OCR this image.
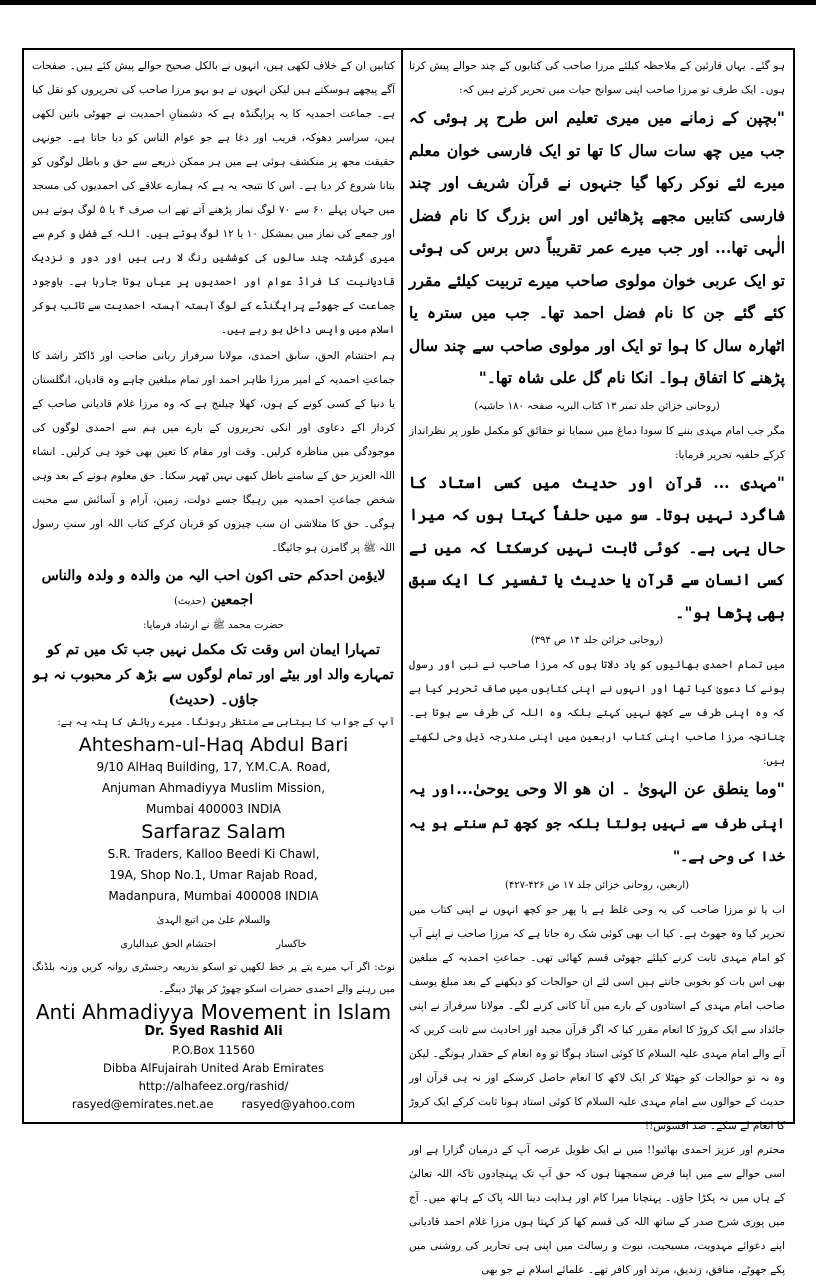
کتابیں ان کے خلاف لکھی ہیں، انہوں نے بالکل صحیح حوالے پیش کئے ہیں۔ صفحات آگے پیچھے ہوسکتے ہیں لیکن انہوں نے ہو بہو مرزا صاحب کی تحریروں کو نقل کیا ہے۔ جماعت احمدیہ کا یہ پراپگنڈہ ہے کہ دشمنانِ احمدیت نے جھوٹی باتیں لکھی ہیں، سراسر دھوکہ، فریب اور دغا ہے جو عوام الناس کو دیا جاتا ہے۔ جونہی حقیقت مجھ پر منکشف ہوئی ہے میں ہر ممکن ذریعے سے حق و باطل لوگوں کو بتانا شروع کر دیا ہے۔ اس کا نتیجہ یہ ہے کہ ہمارے علاقے کی احمدیوں کی مسجد میں جہاں پہلے ۶۰ سے ۷۰ لوگ نماز پڑھنے آتے تھے اب صرف ۴ یا ۵ لوگ ہوتے ہیں اور جمعے کی نماز میں بمشکل ۱۰ یا ۱۲ لوگ ہوتے ہیں۔ اللہ کے فضل و کرم سے میری گزشتہ چند سالوں کی کوششیں رنگ لا رہی ہیں اور دور و نزدیک قادیانیت کا فراڈ عوام اور احمدیوں پر عیاں ہوتا جارہا ہے۔ باوجود جماعت کے جھوٹے پراپگنڈے کے لوگ آہستہ آہستہ احمدیت سے تائب ہوکر اسلام میں واپس داخل ہو رہے ہیں۔

ہم احتشام الحق، سابق احمدی، مولانا سرفراز ربانی صاحب اور ڈاکٹر راشد کا جماعتِ احمدیہ کے امیر مرزا طاہر احمد اور تمام مبلغین چاہے وہ قادیان، انگلستان یا دنیا کے کسی کونے کے ہوں، کھلا چیلنج ہے کہ وہ مرزا غلام قادیانی صاحب کے کردار اکے دعاوی اور انکی تحریروں کے بارے میں ہم سے احمدی لوگوں کی موجودگی میں مناظرہ کرلیں۔ وقت اور مقام کا تعین بھی خود ہی کرلیں۔ انشاء اللہ العزیز حق کے سامنے باطل کبھی نہیں ٹھہر سکتا۔ حق معلوم ہونے کے بعد وہی شخص جماعتِ احمدیہ میں رہیگا جسے دولت، زمین، آرام و آسائش سے محبت ہوگی۔ حق کا متلاشی ان سب چیزوں کو قربان کرکے کتاب اللہ اور سنتِ رسول اللہ ﷺ پر گامزن ہو جائیگا۔

لایؤمن احدکم حتی اکون احب الیہ من والدہ و ولدہ والناس اجمعین (حدیث)

حضرت محمد ﷺ نے ارشاد فرمایا:

تمہارا ایمان اس وقت تک مکمل نہیں جب تک میں تم کو تمہارے والد اور بیٹے اور تمام لوگوں سے بڑھ کر محبوب نہ ہو جاؤں۔ (حدیث)

آپ کے جواب کا بیتابی سے منتظر رہونگا۔ میرے رہائش کا پتہ یہ ہے:

Ahtesham-ul-Haq Abdul Bari

9/10 AlHaq Building, 17, Y.M.C.A. Road,

Anjuman Ahmadiyya Muslim Mission,

Mumbai 400003 INDIA

Sarfaraz Salam

S.R. Traders, Kalloo Beedi Ki Chawl,

19A, Shop No.1, Umar Rajab Road,

Madanpura, Mumbai 400008 INDIA

والسلام علیٰ من اتبع الہدیٰ

خاکسار
احتشام الحق عبدالباری

نوٹ: اگر آپ میرے پتے پر خط لکھیں تو اسکو بذریعہ رجسٹری روانہ کریں ورنہ بلڈنگ میں رہنے والے احمدی حضرات اسکو چھوڑ کر پھاڑ دیںگے۔

Anti Ahmadiyya Movement in Islam

Dr. Syed Rashid Ali

P.O.Box 11560

Dibba AlFujairah United Arab Emirates

http://alhafeez.org/rashid/

rasyed@emirates.net.ae rasyed@yahoo.com

ہو گئے۔ یہاں قارئین کے ملاحظہ کیلئے مرزا صاحب کی کتابوں کے چند حوالے پیش کرتا ہوں۔ ایک طرف تو مرزا صاحب اپنی سوانح حیات میں تحریر کرتے ہیں کہ:

"بچپن کے زمانے میں میری تعلیم اس طرح پر ہوئی کہ جب میں چھ سات سال کا تھا تو ایک فارسی خوان معلم میرے لئے نوکر رکھا گیا جنہوں نے قرآن شریف اور چند فارسی کتابیں مجھے پڑھائیں اور اس بزرگ کا نام فضل الٰہی تھا... اور جب میرے عمر تقریباً دس برس کی ہوئی تو ایک عربی خوان مولوی صاحب میرے تربیت کیلئے مقرر کئے گئے جن کا نام فضل احمد تھا۔ جب میں سترہ یا اٹھارہ سال کا ہوا تو ایک اور مولوی صاحب سے چند سال پڑھنے کا اتفاق ہوا۔ انکا نام گل علی شاہ تھا۔"

(روحانی خزائن جلد نمبر ۱۳ کتاب البریہ صفحہ ۱۸۰ حاشیہ)

مگر جب امام مہدی بننے کا سودا دماغ میں سمایا تو حقائق کو مکمل طور پر نظرانداز کرکے حلفیہ تحریر فرمایا:

"مہدی ... قرآن اور حدیث میں کسی استاد کا شاگرد نہیں ہوتا۔ سو میں حلفاً کہتا ہوں کہ میرا حال یہی ہے۔ کوئی ثابت نہیں کرسکتا کہ میں نے کسی انسان سے قرآن یا حدیث یا تفسیر کا ایک سبق بھی پڑھا ہو"۔

(روحانی خزائن جلد ۱۴ ص ۳۹۴)

میں تمام احمدی بھائیوں کو یاد دلاتا ہوں کہ مرزا صاحب نے نبی اور رسول ہونے کا دعویٰ کیا تھا اور انہوں نے اپنی کتابوں میں صاف تحریر کیا ہے کہ وہ اپنی طرف سے کچھ نہیں کہتے بلکہ وہ اللہ کی طرف سے ہوتا ہے۔ چنانچہ مرزا صاحب اپنی کتاب اربعین میں اپنی مندرجہ ذیل وحی لکھتے ہیں:

"وما ینطق عن الہویٰ ۔ ان ھو الا وحی یوحیٰ...اور یہ اپنی طرف سے نہیں بولتا بلکہ جو کچھ تم سنتے ہو یہ خدا کی وحی ہے۔"

(اربعین، روحانی خزائن جلد ۱۷ ص ۴۲۶-۴۲۷)

اب یا تو مرزا صاحب کی یہ وحی غلط ہے یا پھر جو کچھ انہوں نے اپنی کتاب میں تحریر کیا وہ جھوٹ ہے۔ کیا اب بھی کوئی شک رہ جاتا ہے کہ مرزا صاحب نے اپنے آپ کو امام مہدی ثابت کرنے کیلئے جھوٹی قسم کھائی تھی۔ جماعتِ احمدیہ کے مبلغین بھی اس بات کو بخوبی جانتے ہیں اسی لئے ان حوالجات کو دیکھنے کے بعد مبلغ یوسف صاحب امام مہدی کے استادوں کے بارے میں آنا کانی کرنے لگے۔ مولانا سرفراز نے اپنی جائداد سے ایک کروڑ کا انعام مقرر کیا کہ اگر قرآن مجید اور احادیث سے ثابت کریں کہ آنے والے امام مہدی علیہ السلام کا کوئی استاد ہوگا تو وہ انعام کے حقدار ہونگے۔ لیکن وہ نہ تو حوالجات کو جھٹلا کر ایک لاکھ کا انعام حاصل کرسکے اور نہ ہی قرآن اور حدیث کے حوالوں سے امام مہدی علیہ السلام کا کوئی استاد ہونا ثابت کرکے ایک کروڑ کا انعام لے سکے۔ صد افسوس!!

محترم اور عزیز احمدی بھائیو!! میں نے ایک طویل عرصہ آپ کے درمیان گزارا ہے اور اسی حوالے سے میں اپنا فرض سمجھتا ہوں کہ حق آپ تک پہنچادوں تاکہ اللہ تعالیٰ کے ہاں میں نہ پکڑا جاؤں۔ پہنچانا میرا کام اور ہدایت دینا اللہ پاک کے ہاتھ میں۔ آج میں پوری شرح صدر کے ساتھ اللہ کی قسم کھا کر کہتا ہوں مرزا غلام احمد قادیانی اپنے دعوائے مہدویت، مسیحیت، نبوت و رسالت میں اپنی ہی تحاریر کی روشنی میں پکے جھوٹے، منافق، زندیق، مرتد اور کافر تھے۔ علمائے اسلام نے جو بھی
